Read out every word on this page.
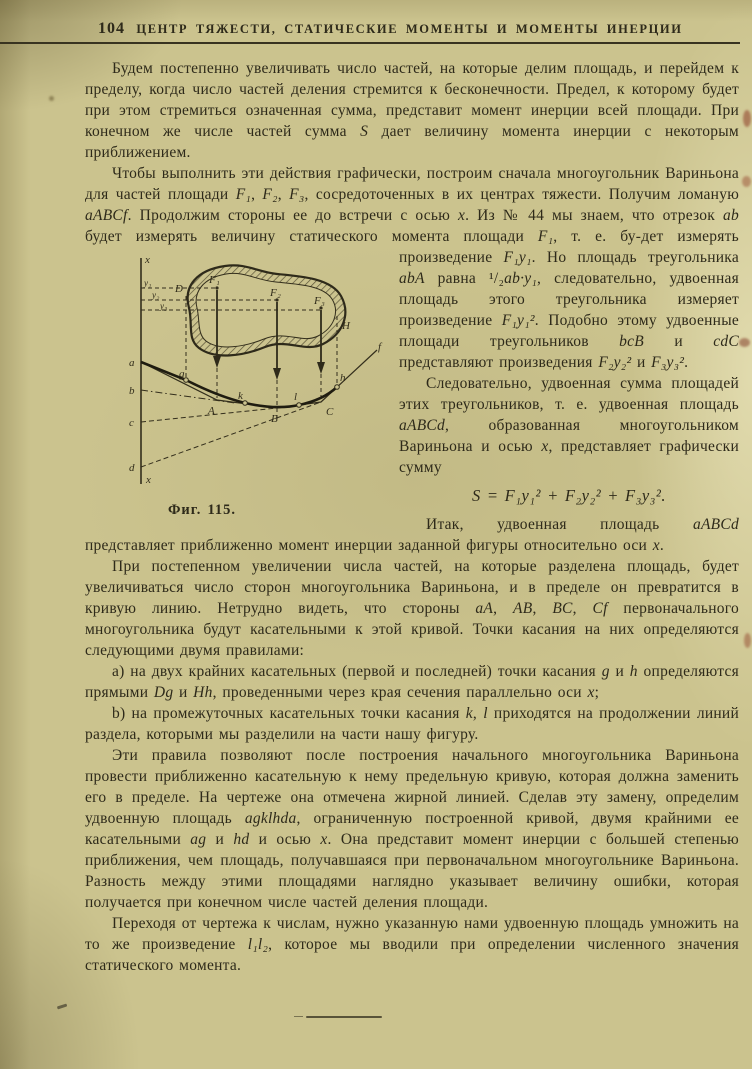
104 ЦЕНТР ТЯЖЕСТИ, СТАТИЧЕСКИЕ МОМЕНТЫ И МОМЕНТЫ ИНЕРЦИИ

Будем постепенно увеличивать число частей, на которые делим площадь, и перейдем к пределу, когда число частей деления стремится к бесконечности. Предел, к которому будет при этом стремиться означенная сумма, представит момент инерции всей площади. При конечном же числе частей сумма S дает величину момента инерции с некоторым приближением.

Чтобы выполнить эти действия графически, построим сначала многоугольник Вариньона для частей площади F₁, F₂, F₃, сосредоточенных в их центрах тяжести. Получим ломаную aABCf. Продолжим стороны ее до встречи с осью x. Из № 44 мы знаем, что отрезок ab будет измерять величину статического момента площади F₁, т. е. бу-
x
x
y₁
y₂
y₃
F₁
F₂
F₃
D
H
a
b
c
d
g
k	l
h
A
B
C
f
Фиг. 115.
дет измерять произведение F₁y₁. Но площадь треугольника abA равна ¹/₂ab·y₁, следовательно, удвоенная площадь этого треугольника измеряет произведение F₁y₁². Подобно этому удвоенные площади треугольников bcB и cdC представляют произведения F₂y₂² и F₃y₃².

Следовательно, удвоенная сумма площадей этих треугольников, т. е. удвоенная площадь aABCd, образованная многоугольником Вариньона и осью x, представляет графически сумму

S = F₁y₁² + F₂y₂² + F₃y₃².

Итак, удвоенная площадь aABCd представляет приближенно момент инерции заданной фигуры относительно оси x.

При постепенном увеличении числа частей, на которые разделена площадь, будет увеличиваться число сторон многоугольника Вариньона, и в пределе он превратится в кривую линию. Нетрудно видеть, что стороны aA, AB, BC, Cf первоначального многоугольника будут касательными к этой кривой. Точки касания на них определяются следующими двумя правилами:

а) на двух крайних касательных (первой и последней) точки касания g и h определяются прямыми Dg и Hh, проведенными через края сечения параллельно оси x;

b) на промежуточных касательных точки касания k, l приходятся на продолжении линий раздела, которыми мы разделили на части нашу фигуру.

Эти правила позволяют после построения начального многоугольника Вариньона провести приближенно касательную к нему предельную кривую, которая должна заменить его в пределе. На чертеже она отмечена жирной линией. Сделав эту замену, определим удвоенную площадь agklhda, ограниченную построенной кривой, двумя крайними ее касательными ag и hd и осью x. Она представит момент инерции с большей степенью приближения, чем площадь, получавшаяся при первоначальном многоугольнике Вариньона. Разность между этими площадями наглядно указывает величину ошибки, которая получается при конечном числе частей деления площади.

Переходя от чертежа к числам, нужно указанную нами удвоенную площадь умножить на то же произведение l₁l₂, которое мы вводили при определении численного значения статического момента.
